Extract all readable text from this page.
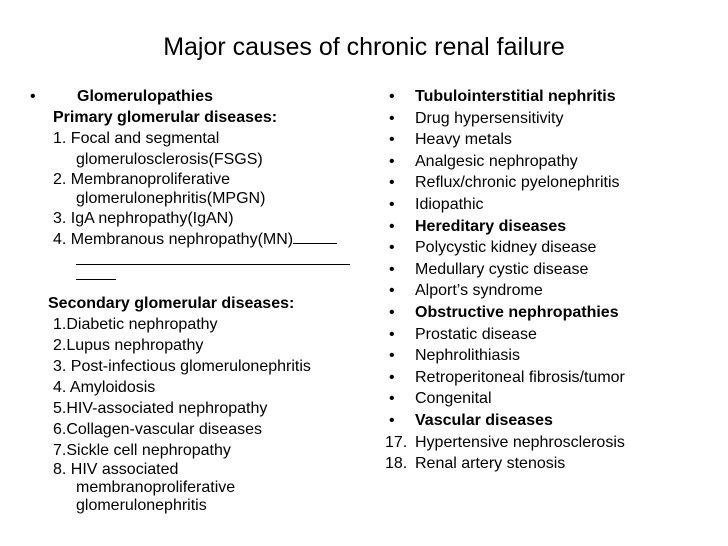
Major causes of chronic renal failure
•	Glomerulopathies
Primary glomerular diseases:
1. Focal and segmental
glomerulosclerosis(FSGS)
2. Membranoproliferative
glomerulonephritis(MPGN)
3. IgA nephropathy(IgAN)
4. Membranous nephropathy(MN)
Secondary glomerular diseases:
1.Diabetic nephropathy
2.Lupus nephropathy
3. Post-infectious glomerulonephritis
4. Amyloidosis
5.HIV-associated nephropathy
6.Collagen-vascular diseases
7.Sickle cell nephropathy
8. HIV associated
membranoproliferative
glomerulonephritis
•	Tubulointerstitial nephritis
•	Drug hypersensitivity
•	Heavy metals
•	Analgesic nephropathy
•	Reflux/chronic pyelonephritis
•	Idiopathic
•	Hereditary diseases
•	Polycystic kidney disease
•	Medullary cystic disease
•	Alport’s syndrome
•	Obstructive nephropathies
•	Prostatic disease
•	Nephrolithiasis
•	Retroperitoneal fibrosis/tumor
•	Congenital
•	Vascular diseases
17. Hypertensive nephrosclerosis
18. Renal artery stenosis
